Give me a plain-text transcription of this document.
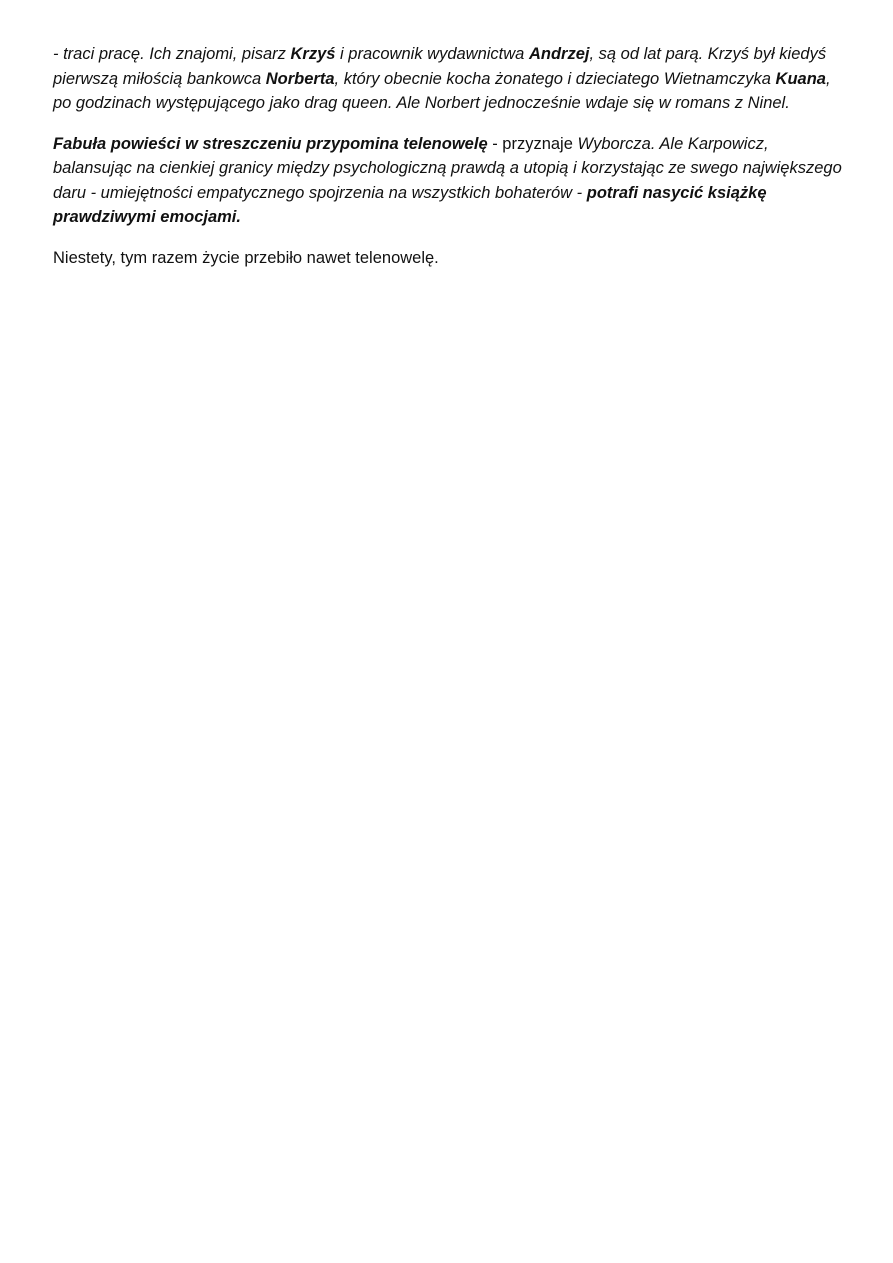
- traci pracę. Ich znajomi, pisarz Krzyś i pracownik wydawnictwa Andrzej, są od lat parą. Krzyś był kiedyś pierwszą miłością bankowca Norberta, który obecnie kocha żonatego i dzieciatego Wietnamczyka Kuana, po godzinach występującego jako drag queen. Ale Norbert jednocześnie wdaje się w romans z Ninel.

Fabuła powieści w streszczeniu przypomina telenowelę - przyznaje Wyborcza. Ale Karpowicz, balansując na cienkiej granicy między psychologiczną prawdą a utopią i korzystając ze swego największego daru - umiejętności empatycznego spojrzenia na wszystkich bohaterów - potrafi nasycić książkę prawdziwymi emocjami.

Niestety, tym razem życie przebiło nawet telenowelę.
